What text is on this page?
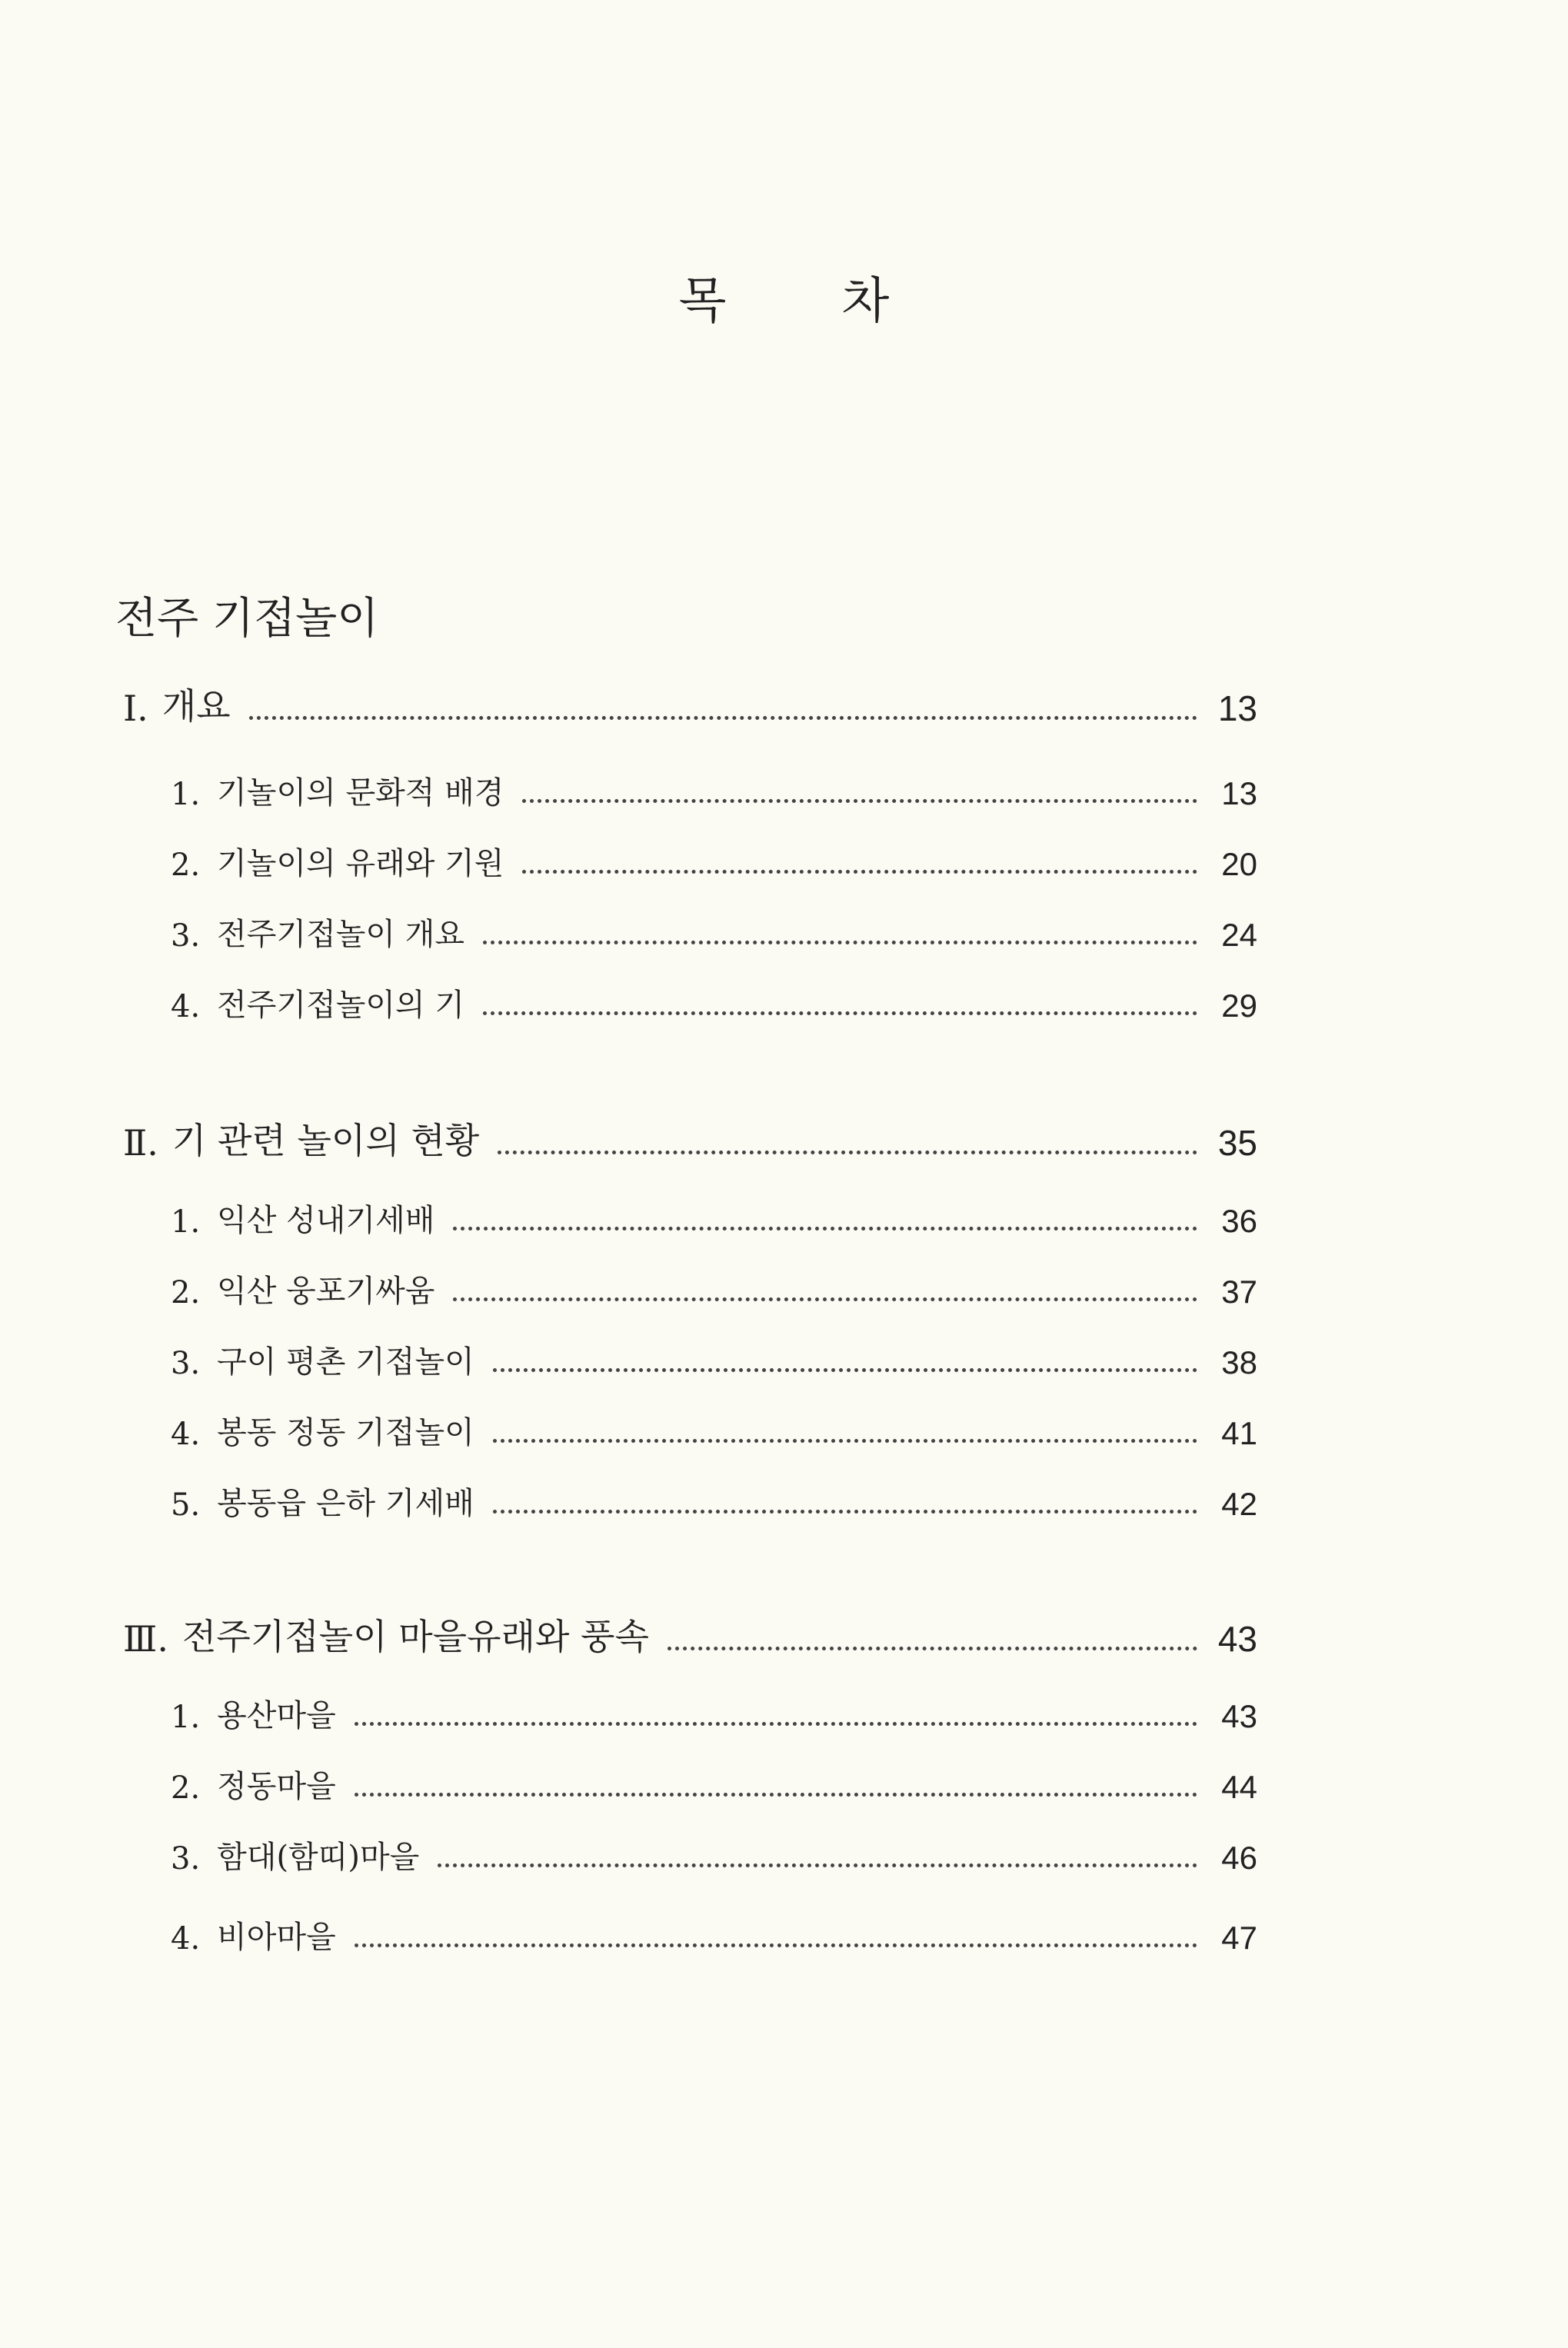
목 차
전주 기접놀이
Ⅰ. 개요	13
1. 기놀이의 문화적 배경	13
2. 기놀이의 유래와 기원	20
3. 전주기접놀이 개요	24
4. 전주기접놀이의 기	29
Ⅱ. 기 관련 놀이의 현황	35
1. 익산 성내기세배	36
2. 익산 웅포기싸움	37
3. 구이 평촌 기접놀이	38
4. 봉동 정동 기접놀이	41
5. 봉동읍 은하 기세배	42
Ⅲ. 전주기접놀이 마을유래와 풍속	43
1. 용산마을	43
2. 정동마을	44
3. 함대(함띠)마을	46
4. 비아마을	47
